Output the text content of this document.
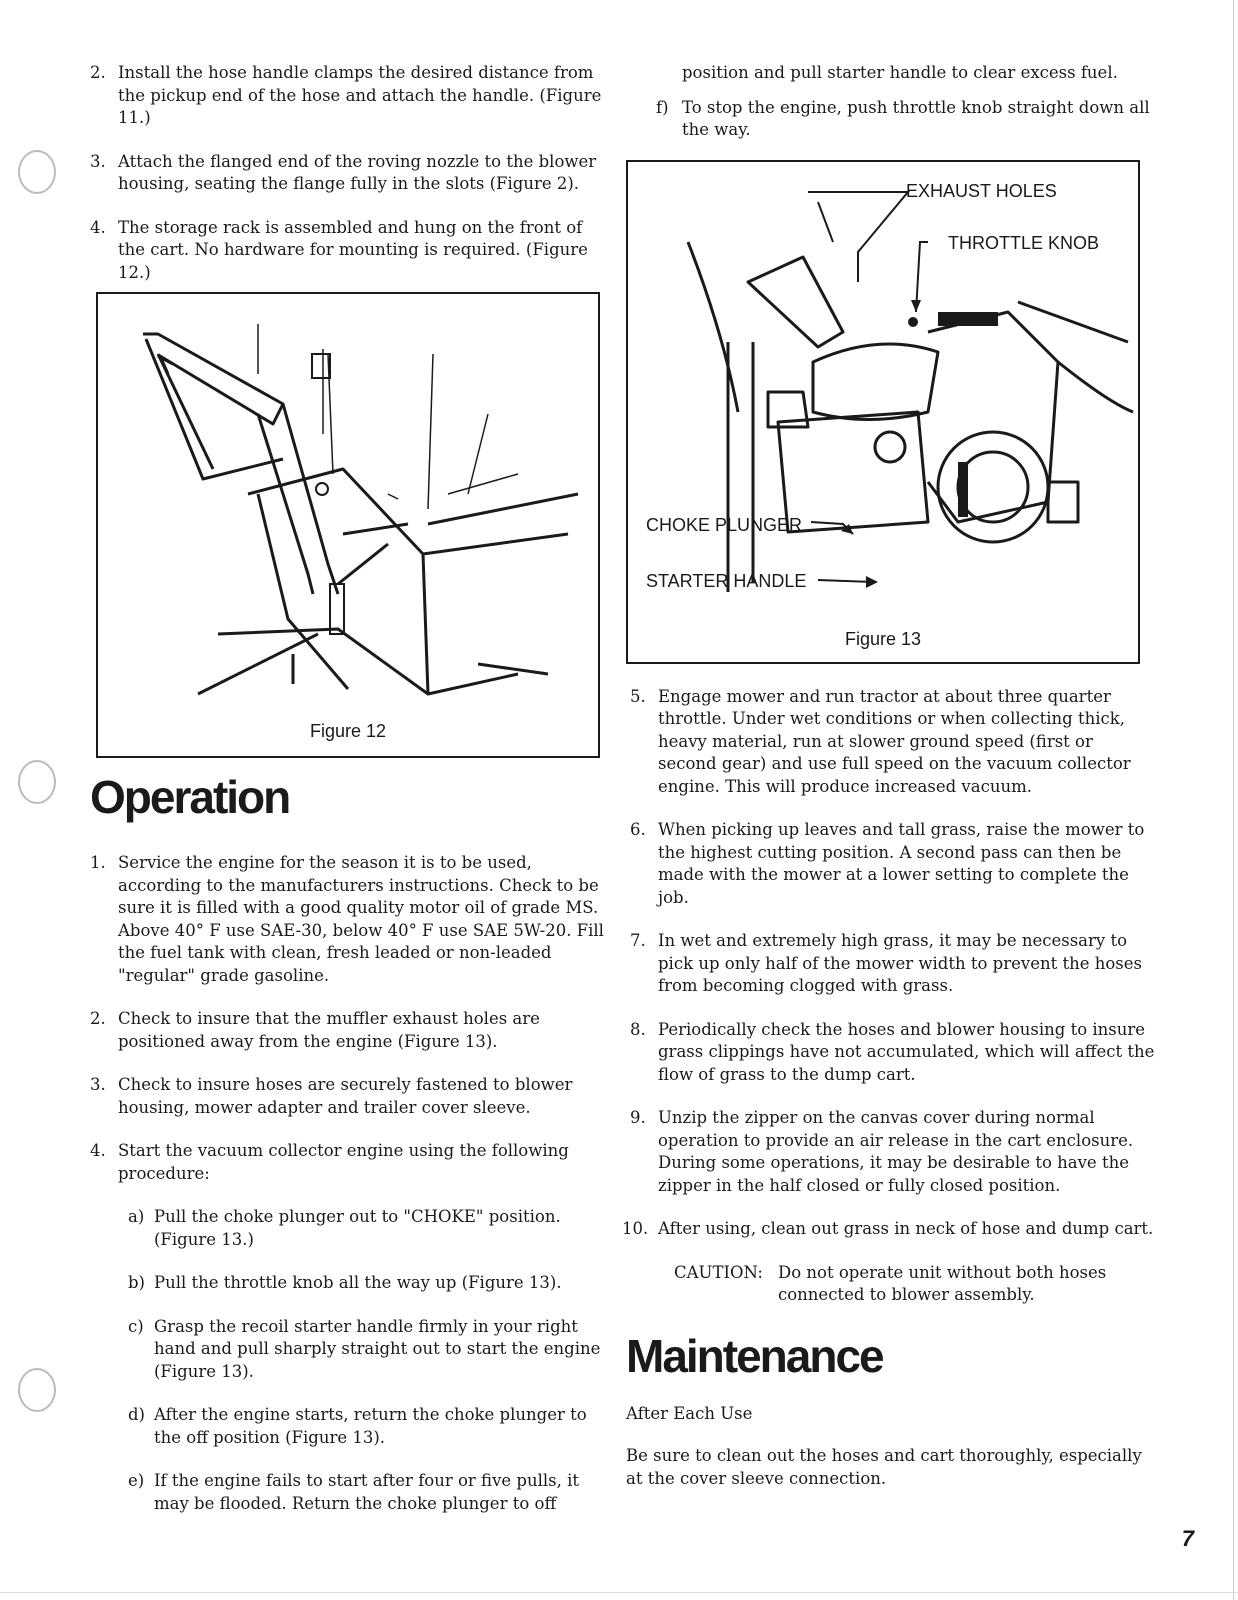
2. Install the hose handle clamps the desired distance from the pickup end of the hose and attach the handle. (Figure 11.)
3. Attach the flanged end of the roving nozzle to the blower housing, seating the flange fully in the slots (Figure 2).
4. The storage rack is assembled and hung on the front of the cart. No hardware for mounting is required. (Figure 12.)
Figure 12
Operation
1. Service the engine for the season it is to be used, according to the manufacturers instructions. Check to be sure it is filled with a good quality motor oil of grade MS. Above 40° F use SAE-30, below 40° F use SAE 5W-20. Fill the fuel tank with clean, fresh leaded or non-leaded "regular" grade gasoline.
2. Check to insure that the muffler exhaust holes are positioned away from the engine (Figure 13).
3. Check to insure hoses are securely fastened to blower housing, mower adapter and trailer cover sleeve.
4. Start the vacuum collector engine using the following procedure:
a) Pull the choke plunger out to "CHOKE" position. (Figure 13.)
b) Pull the throttle knob all the way up (Figure 13).
c) Grasp the recoil starter handle firmly in your right hand and pull sharply straight out to start the engine (Figure 13).
d) After the engine starts, return the choke plunger to the off position (Figure 13).
e) If the engine fails to start after four or five pulls, it may be flooded. Return the choke plunger to off
position and pull starter handle to clear excess fuel.
f) To stop the engine, push throttle knob straight down all the way.
EXHAUST HOLES
THROTTLE KNOB
CHOKE PLUNGER
STARTER HANDLE
Figure 13
5. Engage mower and run tractor at about three quarter throttle. Under wet conditions or when collecting thick, heavy material, run at slower ground speed (first or second gear) and use full speed on the vacuum collector engine. This will produce increased vacuum.
6. When picking up leaves and tall grass, raise the mower to the highest cutting position. A second pass can then be made with the mower at a lower setting to complete the job.
7. In wet and extremely high grass, it may be necessary to pick up only half of the mower width to prevent the hoses from becoming clogged with grass.
8. Periodically check the hoses and blower housing to insure grass clippings have not accumulated, which will affect the flow of grass to the dump cart.
9. Unzip the zipper on the canvas cover during normal operation to provide an air release in the cart enclosure. During some operations, it may be desirable to have the zipper in the half closed or fully closed position.
10. After using, clean out grass in neck of hose and dump cart.
CAUTION: Do not operate unit without both hoses connected to blower assembly.
Maintenance
After Each Use
Be sure to clean out the hoses and cart thoroughly, especially at the cover sleeve connection.
7
